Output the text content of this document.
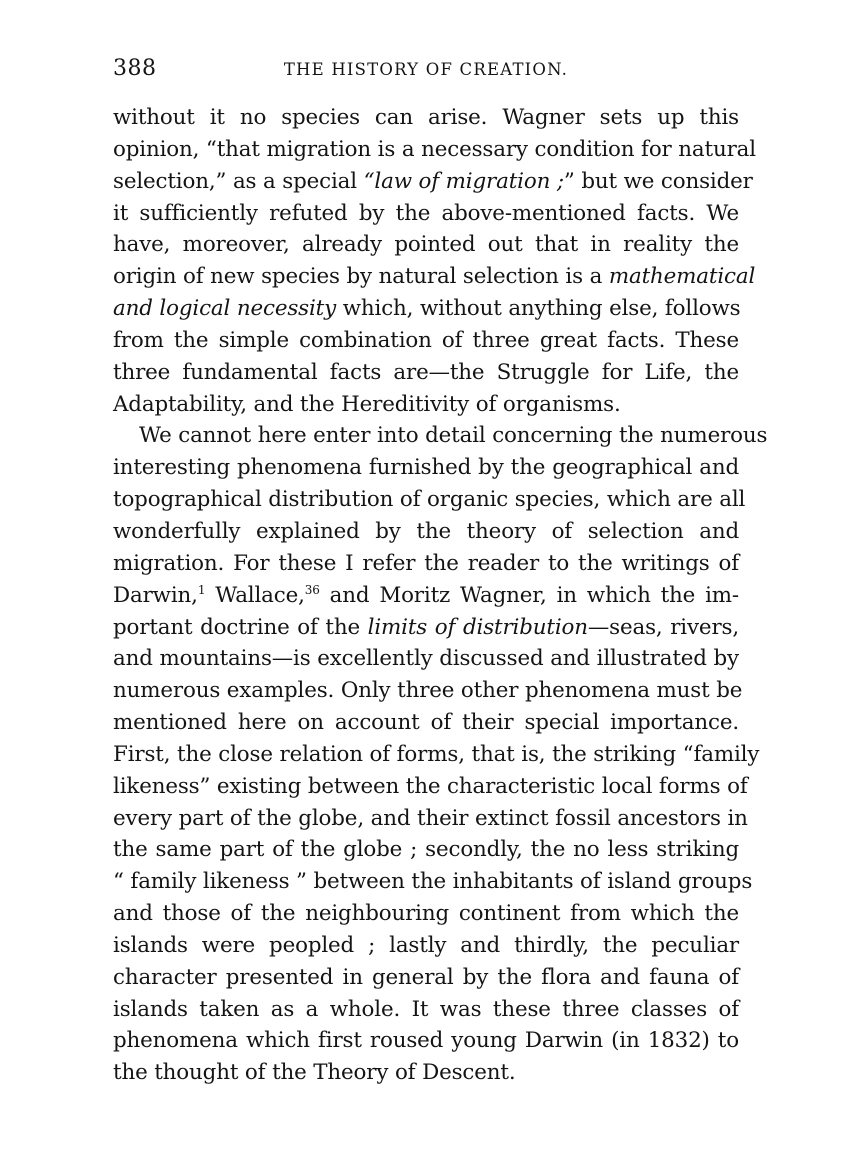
388	THE HISTORY OF CREATION.
without it no species can arise. Wagner sets up this
opinion, “that migration is a necessary condition for natural
selection,” as a special “law of migration ;” but we consider
it sufficiently refuted by the above-mentioned facts. We
have, moreover, already pointed out that in reality the
origin of new species by natural selection is a mathematical
and logical necessity which, without anything else, follows
from the simple combination of three great facts. These
three fundamental facts are—the Struggle for Life, the
Adaptability, and the Hereditivity of organisms.
We cannot here enter into detail concerning the numerous
interesting phenomena furnished by the geographical and
topographical distribution of organic species, which are all
wonderfully explained by the theory of selection and
migration. For these I refer the reader to the writings of
Darwin,$^1$ Wallace,$^{36}$ and Moritz Wagner, in which the im-
portant doctrine of the limits of distribution—seas, rivers,
and mountains—is excellently discussed and illustrated by
numerous examples. Only three other phenomena must be
mentioned here on account of their special importance.
First, the close relation of forms, that is, the striking “family
likeness” existing between the characteristic local forms of
every part of the globe, and their extinct fossil ancestors in
the same part of the globe ; secondly, the no less striking
“ family likeness ” between the inhabitants of island groups
and those of the neighbouring continent from which the
islands were peopled ; lastly and thirdly, the peculiar
character presented in general by the flora and fauna of
islands taken as a whole. It was these three classes of
phenomena which first roused young Darwin (in 1832) to
the thought of the Theory of Descent.
